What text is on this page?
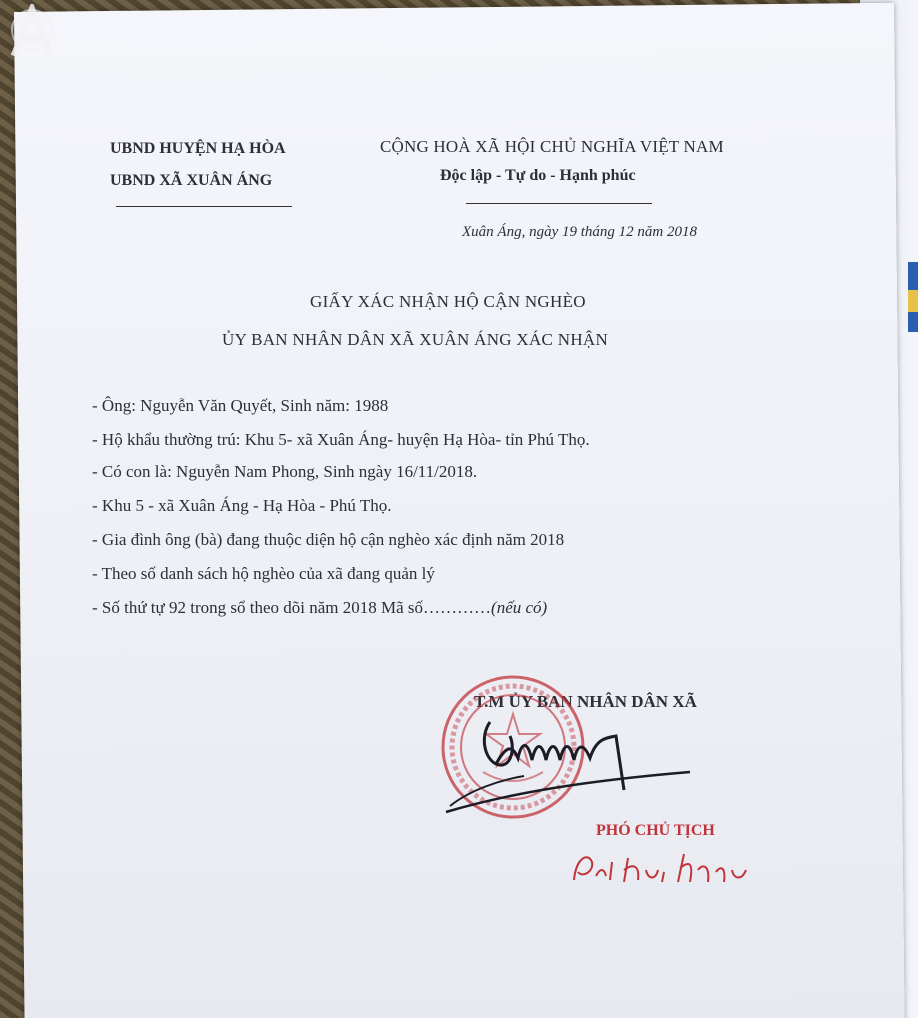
UBND HUYỆN HẠ HÒA
UBND XÃ XUÂN ÁNG
CỘNG HOÀ XÃ HỘI CHỦ NGHĨA VIỆT NAM
Độc lập - Tự do - Hạnh phúc
Xuân Áng, ngày 19 tháng 12 năm 2018
GIẤY XÁC NHẬN HỘ CẬN NGHÈO
ỦY BAN NHÂN DÂN XÃ XUÂN ÁNG XÁC NHẬN
- Ông: Nguyễn Văn Quyết, Sinh năm: 1988
- Hộ khẩu thường trú: Khu 5- xã Xuân Áng- huyện Hạ Hòa- tỉn Phú Thọ.
- Có con là: Nguyễn Nam Phong, Sinh ngày 16/11/2018.
- Khu 5 - xã Xuân Áng - Hạ Hòa - Phú Thọ.
- Gia đình ông (bà) đang thuộc diện hộ cận nghèo xác định năm 2018
- Theo số danh sách hộ nghèo của xã đang quản lý
- Số thứ tự 92 trong sổ theo dõi năm 2018 Mã số…………(nếu có)
T.M ỦY BAN NHÂN DÂN XÃ
PHÓ CHỦ TỊCH
